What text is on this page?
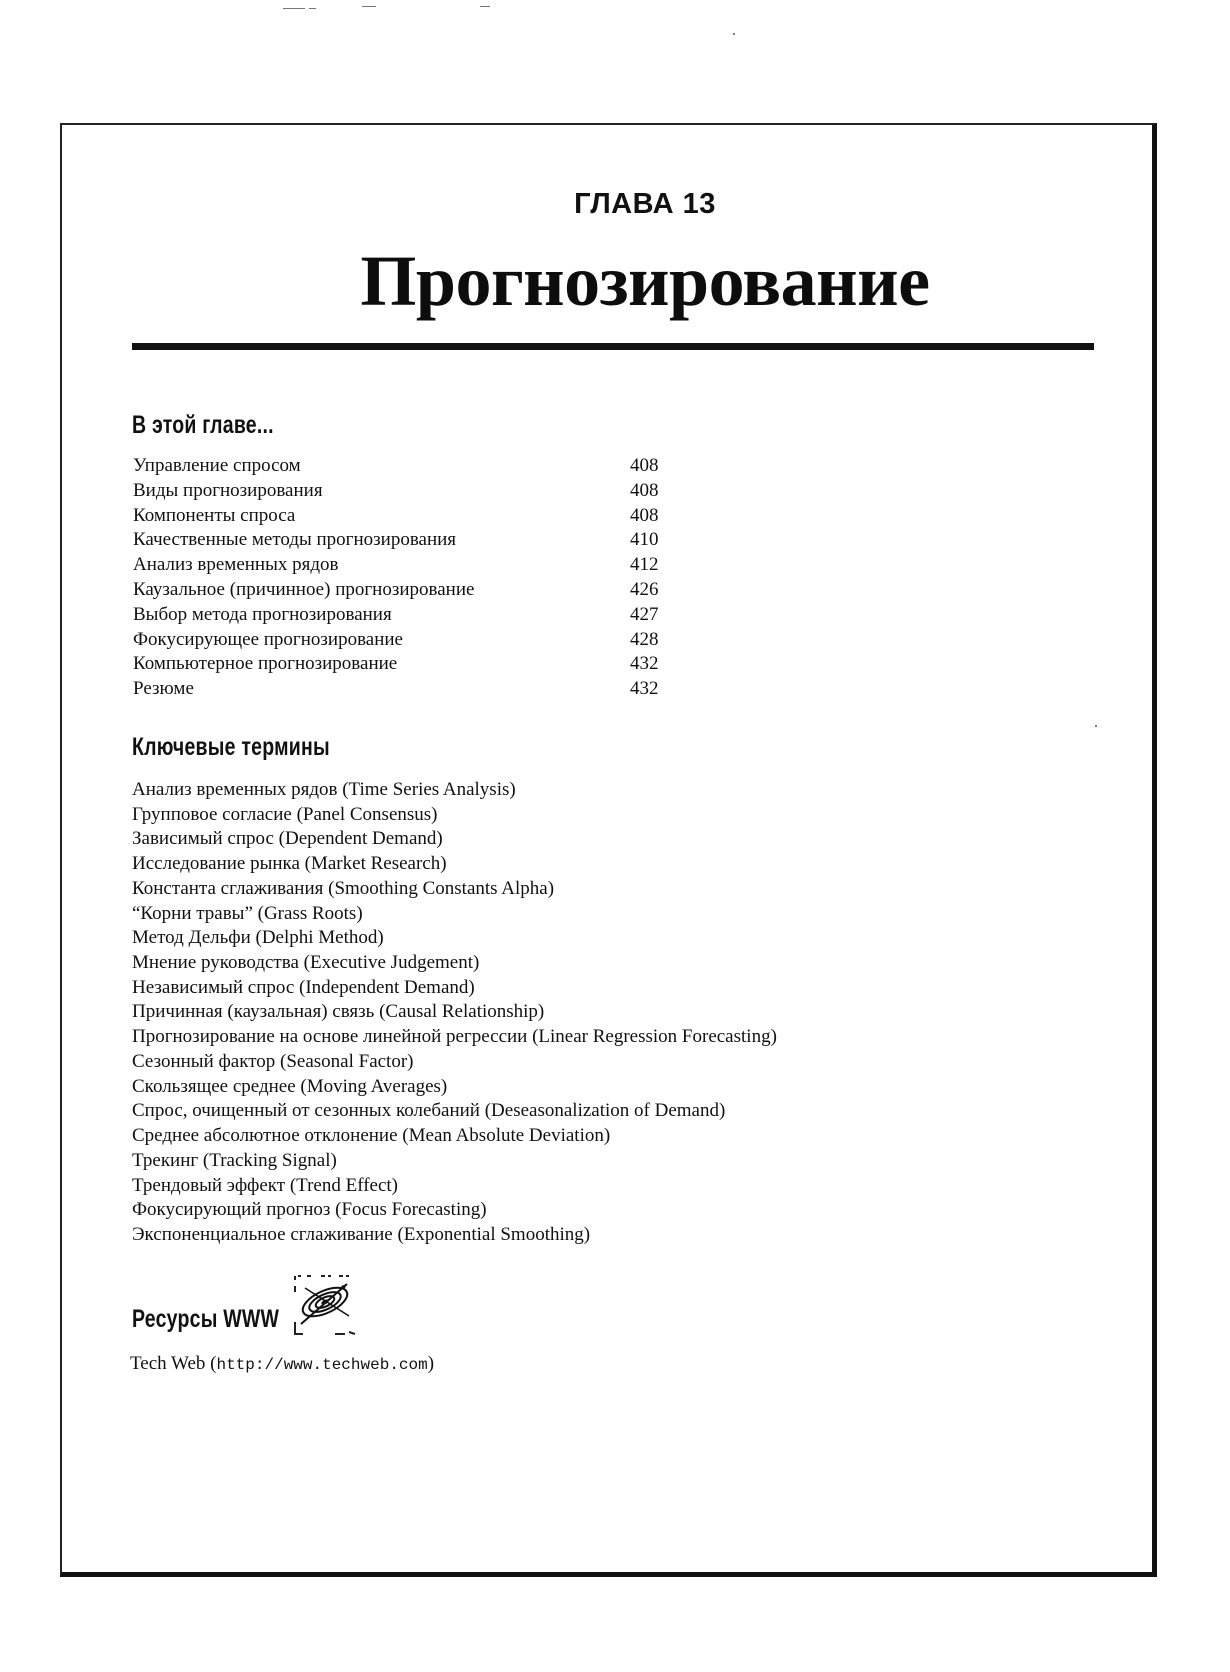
ГЛАВА 13
Прогнозирование
В этой главе...
Управление спросом	408
Виды прогнозирования	408
Компоненты спроса	408
Качественные методы прогнозирования	410
Анализ временных рядов	412
Каузальное (причинное) прогнозирование	426
Выбор метода прогнозирования	427
Фокусирующее прогнозирование	428
Компьютерное прогнозирование	432
Резюме	432
Ключевые термины
Анализ временных рядов (Time Series Analysis)
Групповое согласие (Panel Consensus)
Зависимый спрос (Dependent Demand)
Исследование рынка (Market Research)
Константа сглаживания (Smoothing Constants Alpha)
“Корни травы” (Grass Roots)
Метод Дельфи (Delphi Method)
Мнение руководства (Executive Judgement)
Независимый спрос (Independent Demand)
Причинная (каузальная) связь (Causal Relationship)
Прогнозирование на основе линейной регрессии (Linear Regression Forecasting)
Сезонный фактор (Seasonal Factor)
Скользящее среднее (Moving Averages)
Спрос, очищенный от сезонных колебаний (Deseasonalization of Demand)
Среднее абсолютное отклонение (Mean Absolute Deviation)
Трекинг (Tracking Signal)
Трендовый эффект (Trend Effect)
Фокусирующий прогноз (Focus Forecasting)
Экспоненциальное сглаживание (Exponential Smoothing)
Ресурсы WWW
Tech Web (http://www.techweb.com)
